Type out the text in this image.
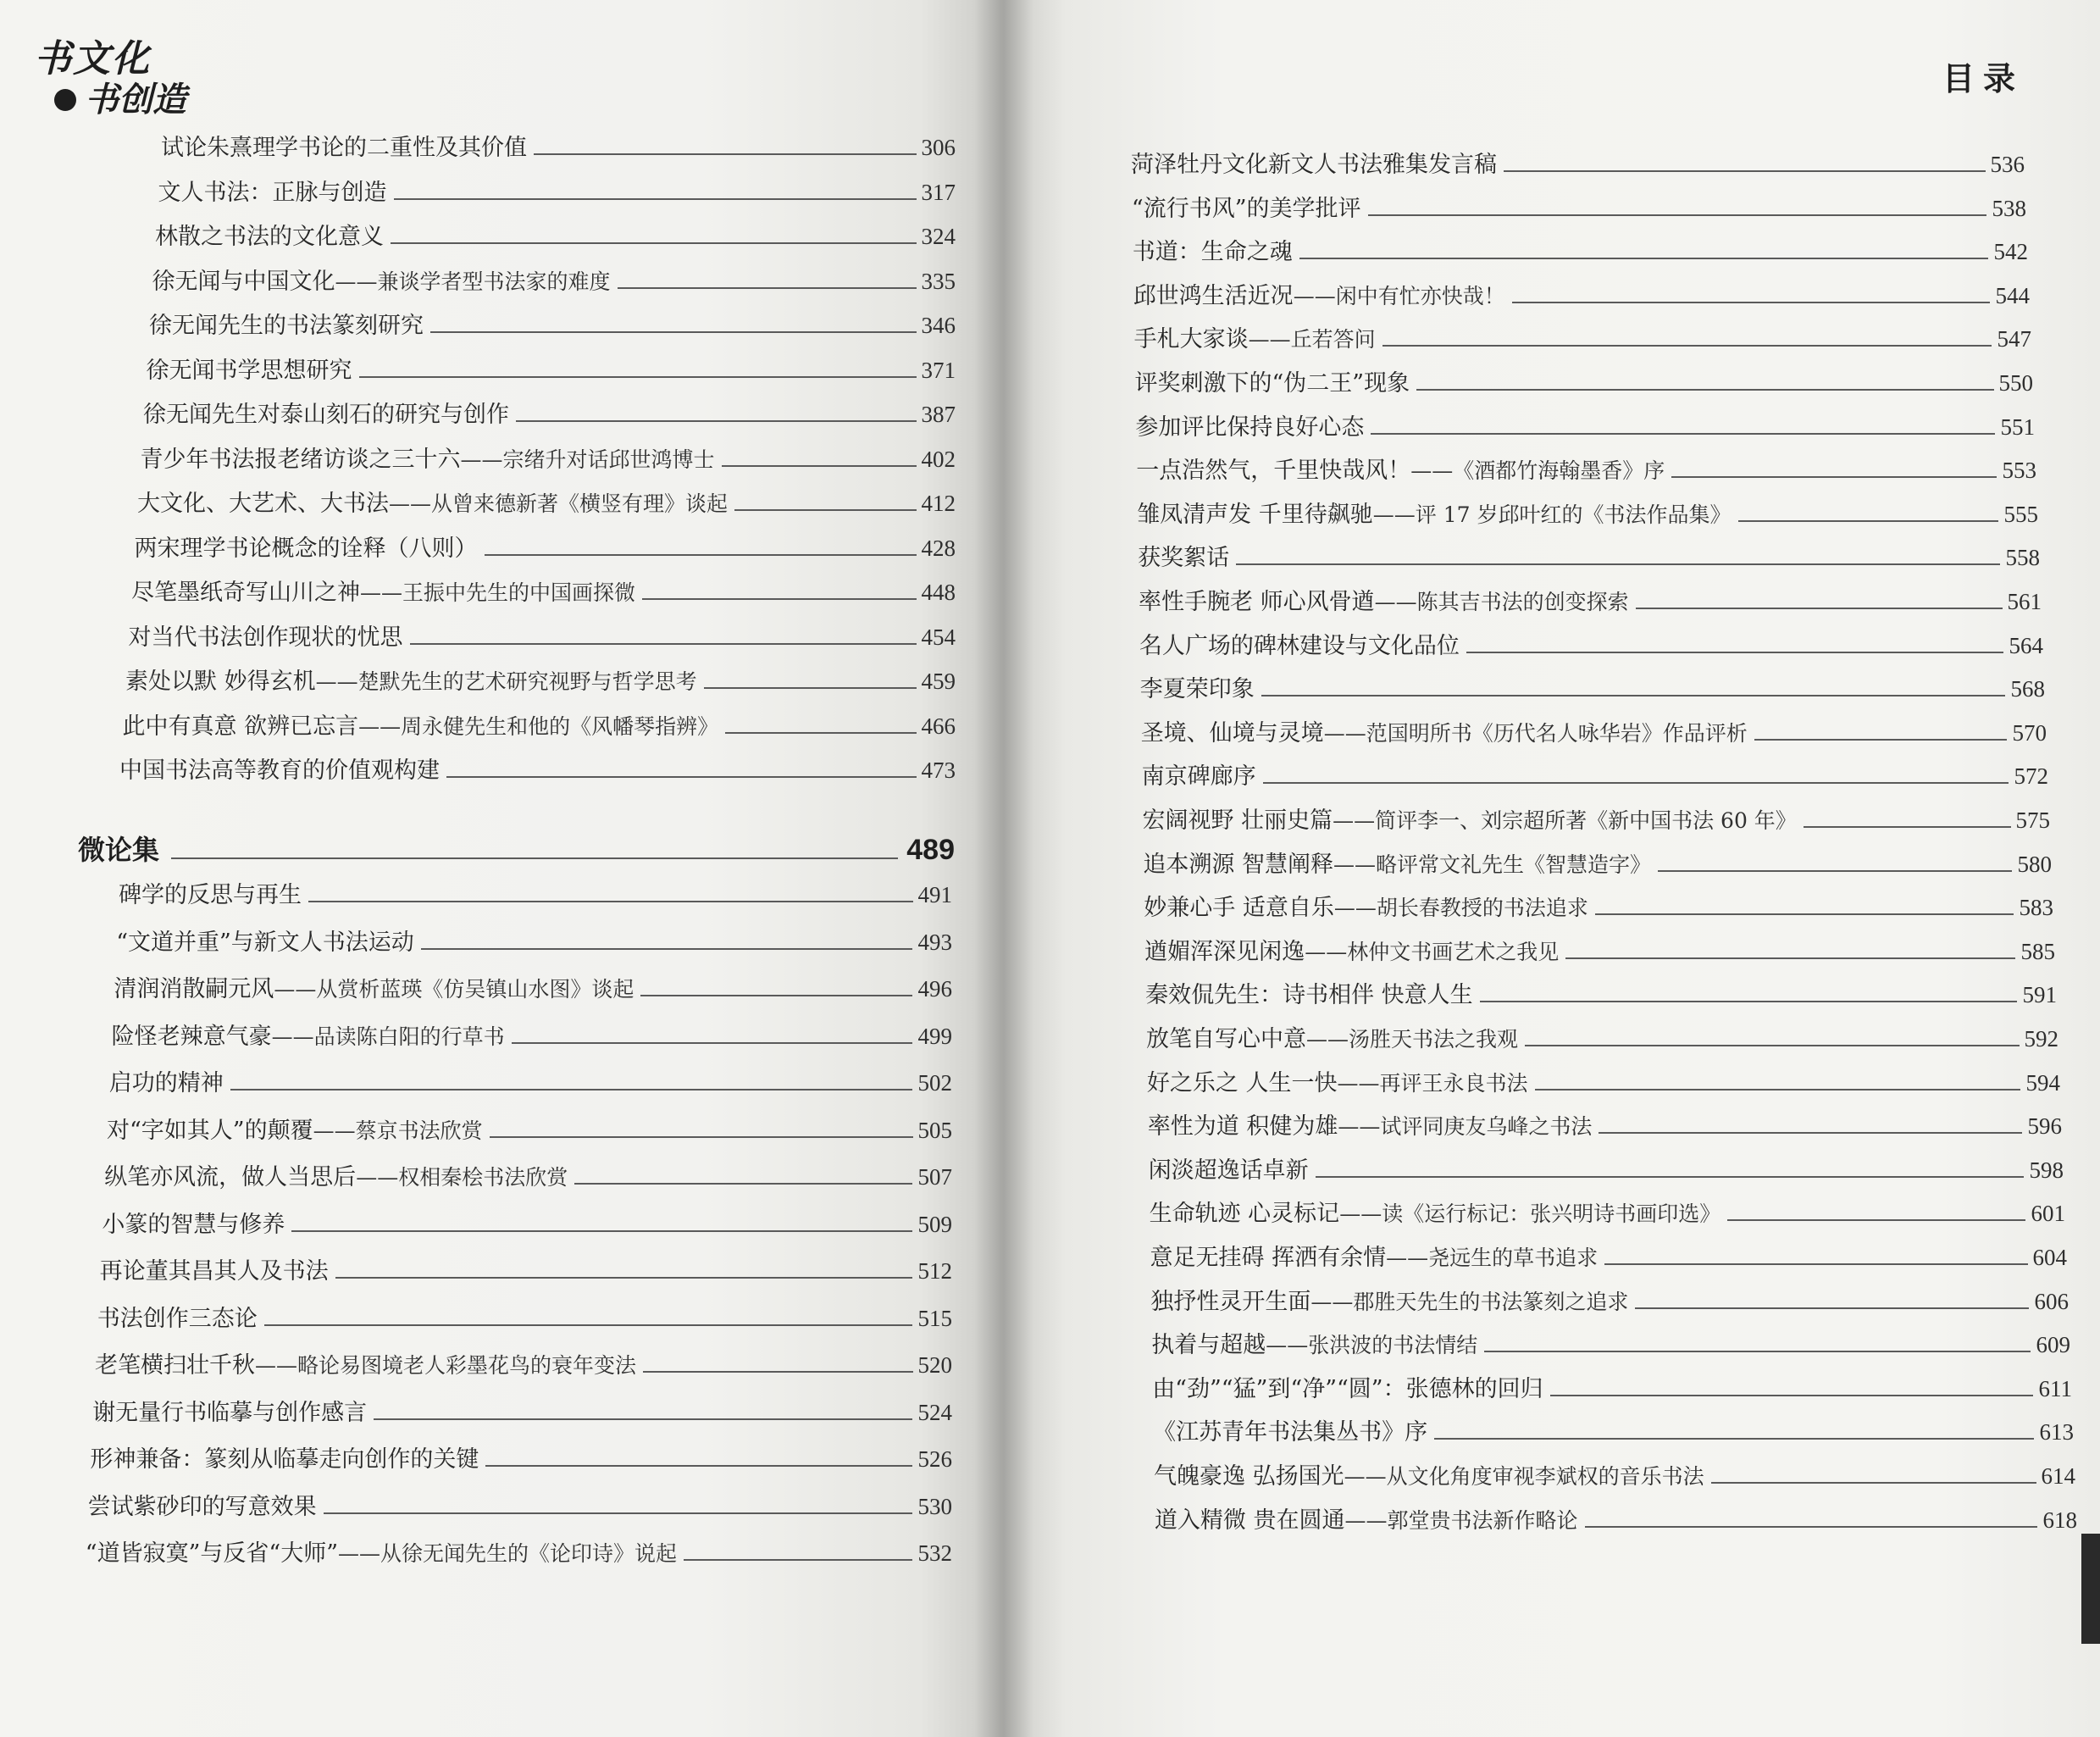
书文化
书创造
试论朱熹理学书论的二重性及其价值	306
文人书法：正脉与创造	317
林散之书法的文化意义	324
徐无闻与中国文化——兼谈学者型书法家的难度	335
徐无闻先生的书法篆刻研究	346
徐无闻书学思想研究	371
徐无闻先生对泰山刻石的研究与创作	387
青少年书法报老绪访谈之三十六——宗绪升对话邱世鸿博士	402
大文化、大艺术、大书法——从曾来德新著《横竖有理》谈起	412
两宋理学书论概念的诠释（八则）	428
尽笔墨纸奇写山川之神——王振中先生的中国画探微	448
对当代书法创作现状的忧思	454
素处以默 妙得玄机——楚默先生的艺术研究视野与哲学思考	459
此中有真意 欲辨已忘言——周永健先生和他的《风幡琴指辨》	466
中国书法高等教育的价值观构建	473
微论集	489
碑学的反思与再生	491
“文道并重”与新文人书法运动	493
清润消散嗣元风——从赏析蓝瑛《仿吴镇山水图》谈起	496
险怪老辣意气豪——品读陈白阳的行草书	499
启功的精神	502
对“字如其人”的颠覆——蔡京书法欣赏	505
纵笔亦风流，做人当思后——权相秦桧书法欣赏	507
小篆的智慧与修养	509
再论董其昌其人及书法	512
书法创作三态论	515
老笔横扫壮千秋——略论易图境老人彩墨花鸟的衰年变法	520
谢无量行书临摹与创作感言	524
形神兼备：篆刻从临摹走向创作的关键	526
尝试紫砂印的写意效果	530
“道皆寂寞”与反省“大师”——从徐无闻先生的《论印诗》说起	532
目录
菏泽牡丹文化新文人书法雅集发言稿	536
“流行书风”的美学批评	538
书道：生命之魂	542
邱世鸿生活近况——闲中有忙亦快哉！	544
手札大家谈——丘若答问	547
评奖刺激下的“伪二王”现象	550
参加评比保持良好心态	551
一点浩然气，千里快哉风！——《酒都竹海翰墨香》序	553
雏凤清声发 千里待飙驰——评 17 岁邱叶红的《书法作品集》	555
获奖絮话	558
率性手腕老 师心风骨遒——陈其吉书法的创变探索	561
名人广场的碑林建设与文化品位	564
李夏荣印象	568
圣境、仙境与灵境——范国明所书《历代名人咏华岩》作品评析	570
南京碑廊序	572
宏阔视野 壮丽史篇——简评李一、刘宗超所著《新中国书法 60 年》	575
追本溯源 智慧阐释——略评常文礼先生《智慧造字》	580
妙兼心手 适意自乐——胡长春教授的书法追求	583
遒媚浑深见闲逸——林仲文书画艺术之我见	585
秦效侃先生：诗书相伴 快意人生	591
放笔自写心中意——汤胜天书法之我观	592
好之乐之 人生一快——再评王永良书法	594
率性为道 积健为雄——试评同庚友乌峰之书法	596
闲淡超逸话卓新	598
生命轨迹 心灵标记——读《运行标记：张兴明诗书画印选》	601
意足无挂碍 挥洒有余情——尧远生的草书追求	604
独抒性灵开生面——郡胜天先生的书法篆刻之追求	606
执着与超越——张洪波的书法情结	609
由“劲”“猛”到“净”“圆”：张德林的回归	611
《江苏青年书法集丛书》序	613
气魄豪逸 弘扬国光——从文化角度审视李斌权的音乐书法	614
道入精微 贵在圆通——郭堂贵书法新作略论	618
